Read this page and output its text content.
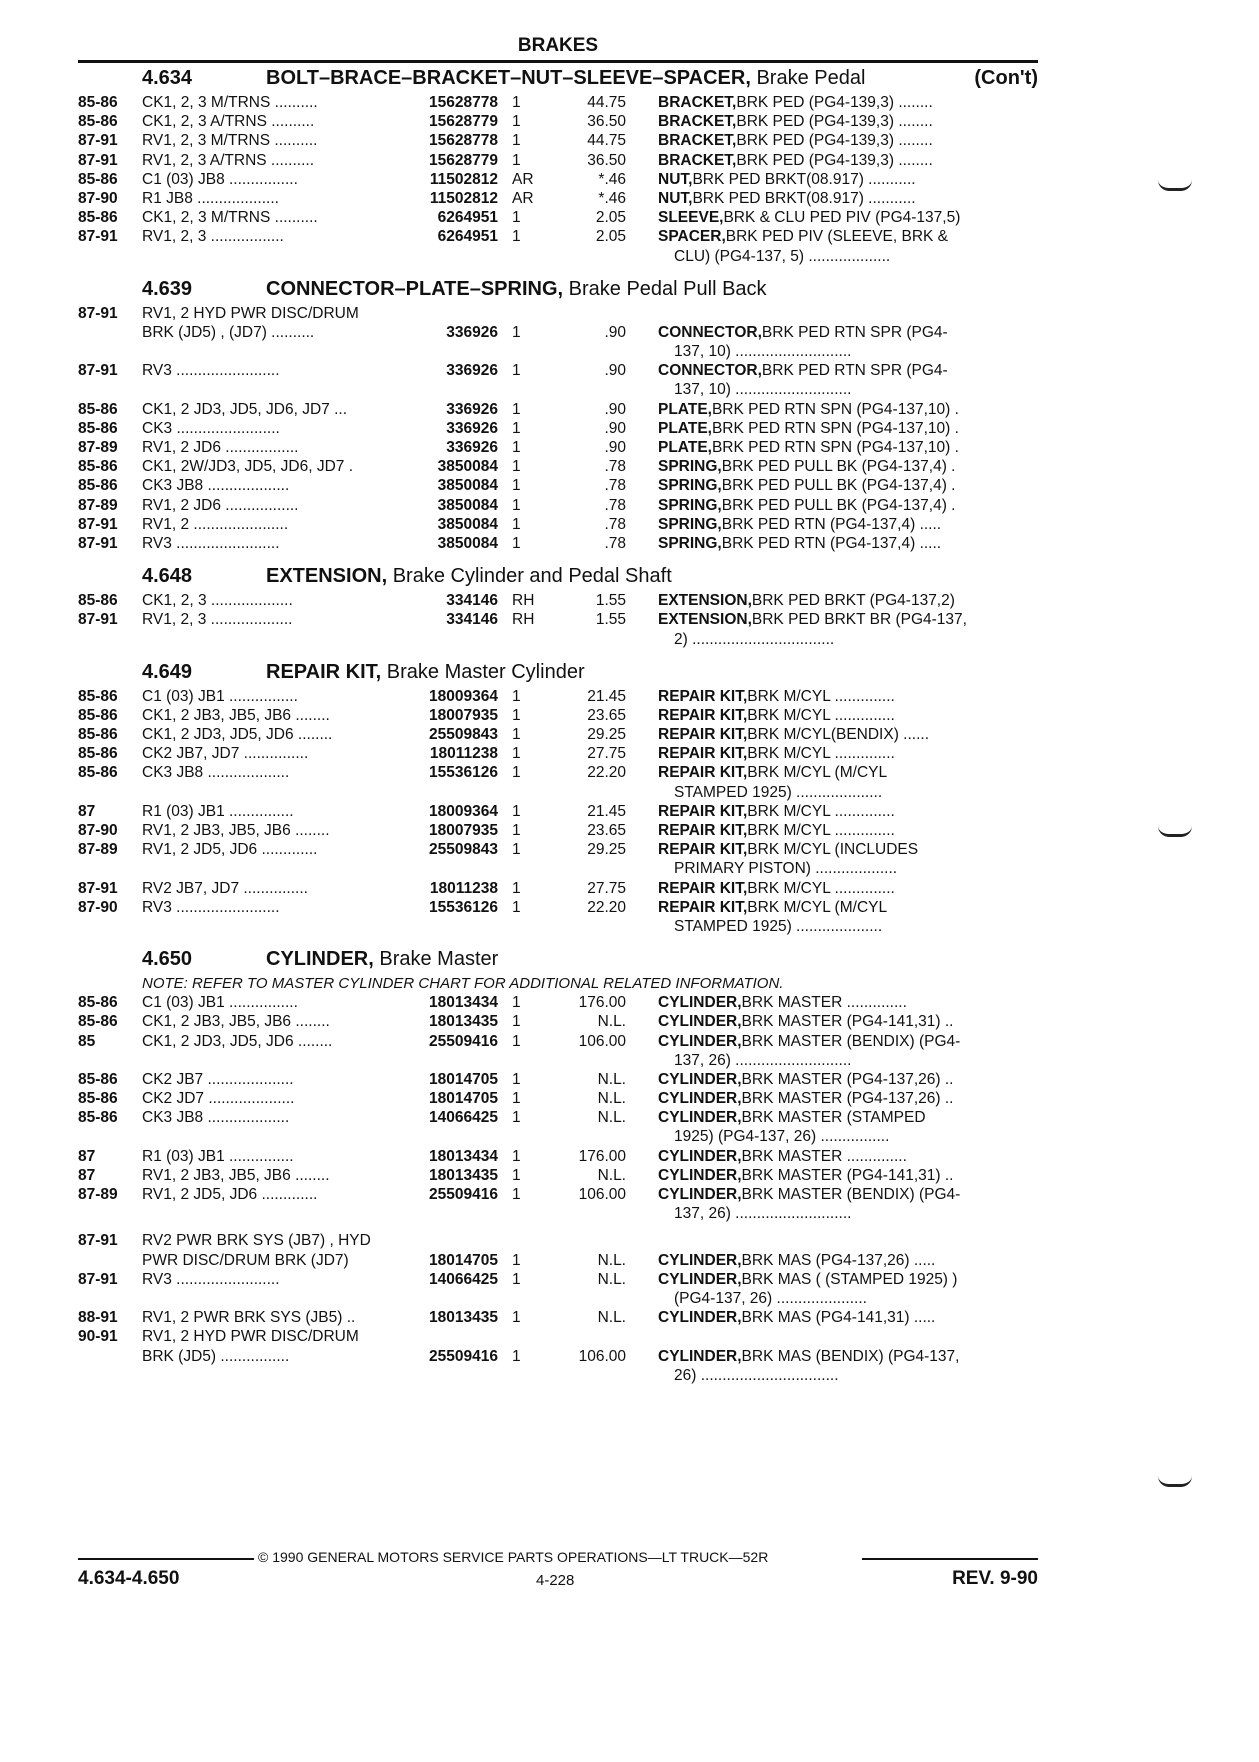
BRAKES
4.634	BOLT–BRACE–BRACKET–NUT–SLEEVE–SPACER, Brake Pedal	(Con't)
85-86 CK1, 2, 3 M/TRNS ..........	15628778 1	44.75 BRACKET, BRK PED (PG4-139,3) ........
85-86 CK1, 2, 3 A/TRNS ..........	15628779 1	36.50 BRACKET, BRK PED (PG4-139,3) ........
87-91 RV1, 2, 3 M/TRNS ..........	15628778 1	44.75 BRACKET, BRK PED (PG4-139,3) ........
87-91 RV1, 2, 3 A/TRNS ..........	15628779 1	36.50 BRACKET, BRK PED (PG4-139,3) ........
85-86 C1 (03) JB8 ................	11502812 AR	*.46 NUT, BRK PED BRKT(08.917) ...........
87-90 R1 JB8 ...................	11502812 AR	*.46 NUT, BRK PED BRKT(08.917) ...........
85-86 CK1, 2, 3 M/TRNS ..........	6264951 1	2.05 SLEEVE, BRK & CLU PED PIV (PG4-137,5)
87-91 RV1, 2, 3 .................	6264951 1	2.05 SPACER, BRK PED PIV (SLEEVE, BRK &
CLU) (PG4-137, 5) ...................
4.639	CONNECTOR–PLATE–SPRING, Brake Pedal Pull Back
87-91 RV1, 2 HYD PWR DISC/DRUM
BRK (JD5) , (JD7) ..........	336926 1	.90 CONNECTOR, BRK PED RTN SPR (PG4-
137, 10) ...........................
87-91 RV3 ........................	336926 1	.90 CONNECTOR, BRK PED RTN SPR (PG4-
137, 10) ...........................
85-86 CK1, 2 JD3, JD5, JD6, JD7 ...	336926 1	.90 PLATE, BRK PED RTN SPN (PG4-137,10) .
85-86 CK3 ........................	336926 1	.90 PLATE, BRK PED RTN SPN (PG4-137,10) .
87-89 RV1, 2 JD6 .................	336926 1	.90 PLATE, BRK PED RTN SPN (PG4-137,10) .
85-86 CK1, 2W/JD3, JD5, JD6, JD7 .	3850084 1	.78 SPRING, BRK PED PULL BK (PG4-137,4) .
85-86 CK3 JB8 ...................	3850084 1	.78 SPRING, BRK PED PULL BK (PG4-137,4) .
87-89 RV1, 2 JD6 .................	3850084 1	.78 SPRING, BRK PED PULL BK (PG4-137,4) .
87-91 RV1, 2 ......................	3850084 1	.78 SPRING, BRK PED RTN (PG4-137,4) .....
87-91 RV3 ........................	3850084 1	.78 SPRING, BRK PED RTN (PG4-137,4) .....
4.648	EXTENSION, Brake Cylinder and Pedal Shaft
85-86 CK1, 2, 3 ...................	334146 RH	1.55 EXTENSION, BRK PED BRKT (PG4-137,2)
87-91 RV1, 2, 3 ...................	334146 RH	1.55 EXTENSION, BRK PED BRKT BR (PG4-137,
2) .................................
4.649	REPAIR KIT, Brake Master Cylinder
85-86 C1 (03) JB1 ................	18009364 1	21.45 REPAIR KIT, BRK M/CYL ..............
85-86 CK1, 2 JB3, JB5, JB6 ........	18007935 1	23.65 REPAIR KIT, BRK M/CYL ..............
85-86 CK1, 2 JD3, JD5, JD6 ........	25509843 1	29.25 REPAIR KIT, BRK M/CYL(BENDIX) ......
85-86 CK2 JB7, JD7 ...............	18011238 1	27.75 REPAIR KIT, BRK M/CYL ..............
85-86 CK3 JB8 ...................	15536126 1	22.20 REPAIR KIT, BRK M/CYL (M/CYL
STAMPED 1925) ....................
87	R1 (03) JB1 ...............	18009364 1	21.45 REPAIR KIT, BRK M/CYL ..............
87-90 RV1, 2 JB3, JB5, JB6 ........	18007935 1	23.65 REPAIR KIT, BRK M/CYL ..............
87-89 RV1, 2 JD5, JD6 .............	25509843 1	29.25 REPAIR KIT, BRK M/CYL (INCLUDES
PRIMARY PISTON) ...................
87-91 RV2 JB7, JD7 ...............	18011238 1	27.75 REPAIR KIT, BRK M/CYL ..............
87-90 RV3 ........................	15536126 1	22.20 REPAIR KIT, BRK M/CYL (M/CYL
STAMPED 1925) ....................
4.650	CYLINDER, Brake Master
NOTE: REFER TO MASTER CYLINDER CHART FOR ADDITIONAL RELATED INFORMATION.
85-86 C1 (03) JB1 ................	18013434 1	176.00 CYLINDER, BRK MASTER ..............
85-86 CK1, 2 JB3, JB5, JB6 ........	18013435 1	N.L. CYLINDER, BRK MASTER (PG4-141,31) ..
85	CK1, 2 JD3, JD5, JD6 ........	25509416 1	106.00 CYLINDER, BRK MASTER (BENDIX) (PG4-
137, 26) ...........................
85-86 CK2 JB7 ....................	18014705 1	N.L. CYLINDER, BRK MASTER (PG4-137,26) ..
85-86 CK2 JD7 ....................	18014705 1	N.L. CYLINDER, BRK MASTER (PG4-137,26) ..
85-86 CK3 JB8 ...................	14066425 1	N.L. CYLINDER, BRK MASTER (STAMPED
1925) (PG4-137, 26) ................
87	R1 (03) JB1 ...............	18013434 1	176.00 CYLINDER, BRK MASTER ..............
87	RV1, 2 JB3, JB5, JB6 ........	18013435 1	N.L. CYLINDER, BRK MASTER (PG4-141,31) ..
87-89 RV1, 2 JD5, JD6 .............	25509416 1	106.00 CYLINDER, BRK MASTER (BENDIX) (PG4-
137, 26) ...........................
87-91 RV2 PWR BRK SYS (JB7) , HYD
PWR DISC/DRUM BRK (JD7)	18014705 1	N.L. CYLINDER, BRK MAS (PG4-137,26) .....
87-91 RV3 ........................	14066425 1	N.L. CYLINDER, BRK MAS ( (STAMPED 1925) )
(PG4-137, 26) .....................
88-91 RV1, 2 PWR BRK SYS (JB5) ..	18013435 1	N.L. CYLINDER, BRK MAS (PG4-141,31) .....
90-91 RV1, 2 HYD PWR DISC/DRUM
BRK (JD5) ................	25509416 1	106.00 CYLINDER, BRK MAS (BENDIX) (PG4-137,
26) ................................
© 1990 GENERAL MOTORS SERVICE PARTS OPERATIONS—LT TRUCK—52R
4.634-4.650	4-228	REV. 9-90
